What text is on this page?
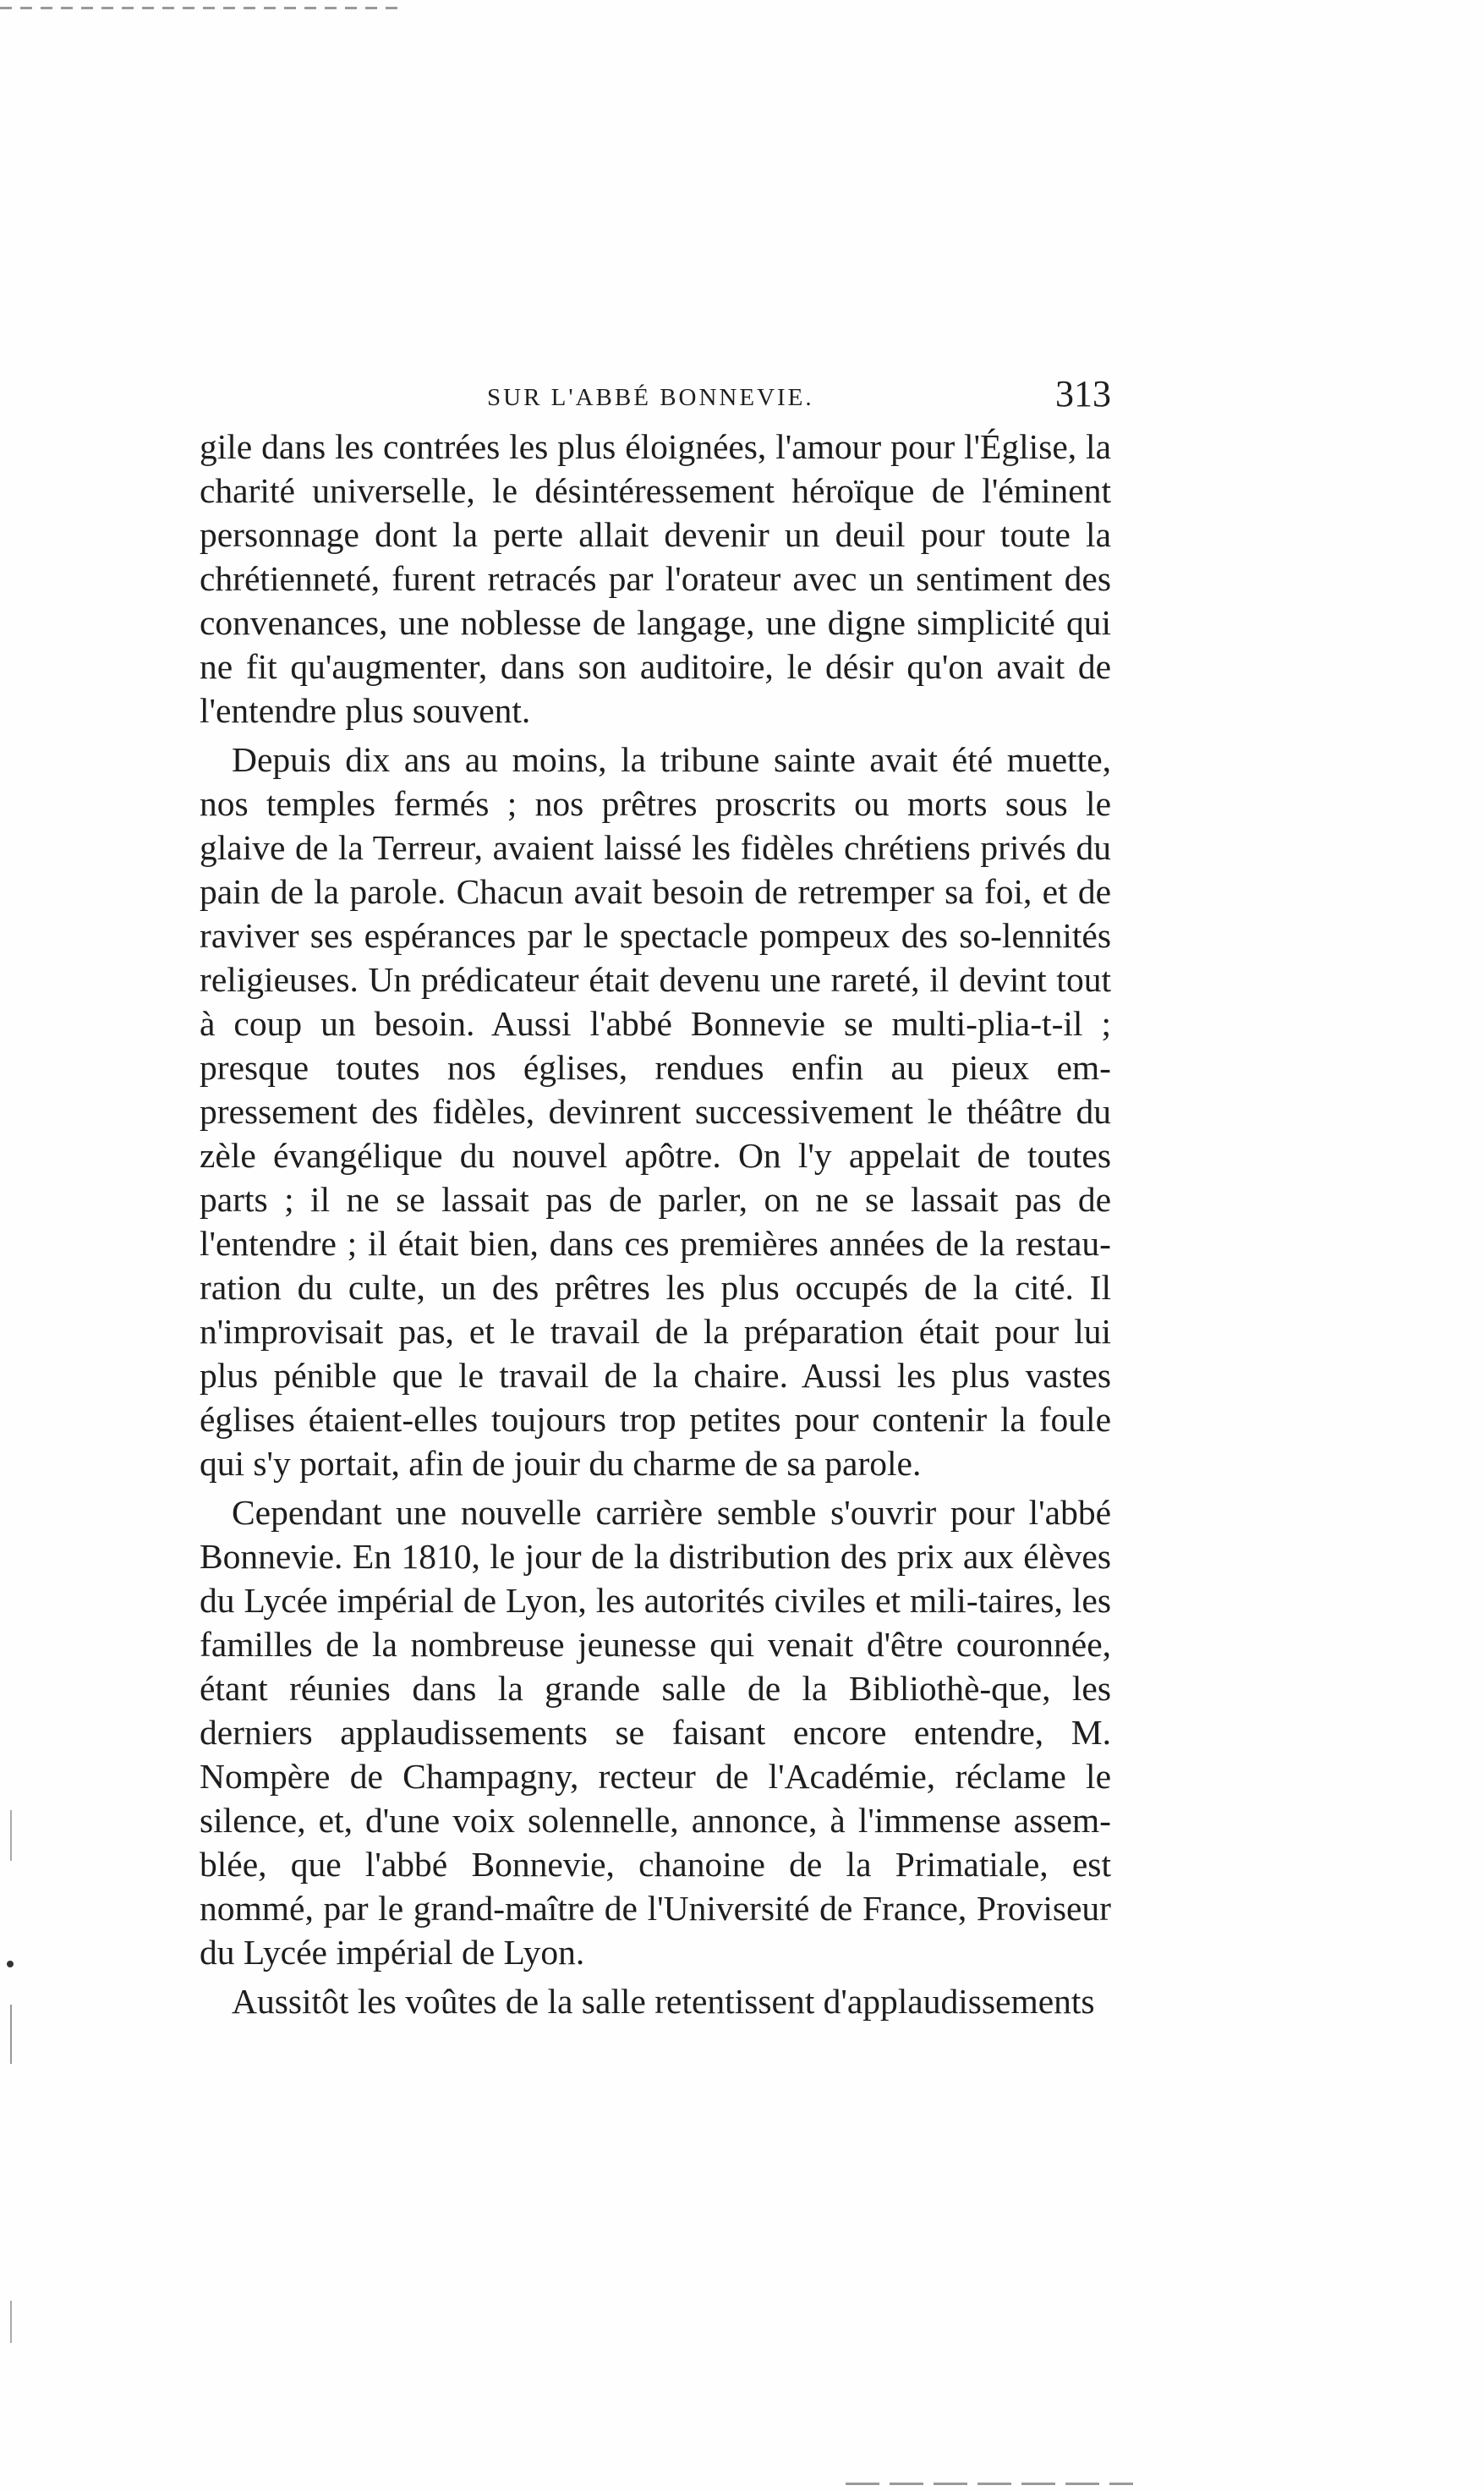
SUR L'ABBÉ BONNEVIE.	313

gile dans les contrées les plus éloignées, l'amour pour l'Église, la charité universelle, le désintéressement héroïque de l'éminent personnage dont la perte allait devenir un deuil pour toute la chrétienneté, furent retracés par l'orateur avec un sentiment des convenances, une noblesse de langage, une digne simplicité qui ne fit qu'augmenter, dans son auditoire, le désir qu'on avait de l'entendre plus souvent.

Depuis dix ans au moins, la tribune sainte avait été muette, nos temples fermés ; nos prêtres proscrits ou morts sous le glaive de la Terreur, avaient laissé les fidèles chrétiens privés du pain de la parole. Chacun avait besoin de retremper sa foi, et de raviver ses espérances par le spectacle pompeux des so-lennités religieuses. Un prédicateur était devenu une rareté, il devint tout à coup un besoin. Aussi l'abbé Bonnevie se multi-plia-t-il ; presque toutes nos églises, rendues enfin au pieux em-pressement des fidèles, devinrent successivement le théâtre du zèle évangélique du nouvel apôtre. On l'y appelait de toutes parts ; il ne se lassait pas de parler, on ne se lassait pas de l'entendre ; il était bien, dans ces premières années de la restau-ration du culte, un des prêtres les plus occupés de la cité. Il n'improvisait pas, et le travail de la préparation était pour lui plus pénible que le travail de la chaire. Aussi les plus vastes églises étaient-elles toujours trop petites pour contenir la foule qui s'y portait, afin de jouir du charme de sa parole.

Cependant une nouvelle carrière semble s'ouvrir pour l'abbé Bonnevie. En 1810, le jour de la distribution des prix aux élèves du Lycée impérial de Lyon, les autorités civiles et mili-taires, les familles de la nombreuse jeunesse qui venait d'être couronnée, étant réunies dans la grande salle de la Bibliothè-que, les derniers applaudissements se faisant encore entendre, M. Nompère de Champagny, recteur de l'Académie, réclame le silence, et, d'une voix solennelle, annonce, à l'immense assem-blée, que l'abbé Bonnevie, chanoine de la Primatiale, est nommé, par le grand-maître de l'Université de France, Proviseur du Lycée impérial de Lyon.

Aussitôt les voûtes de la salle retentissent d'applaudissements
